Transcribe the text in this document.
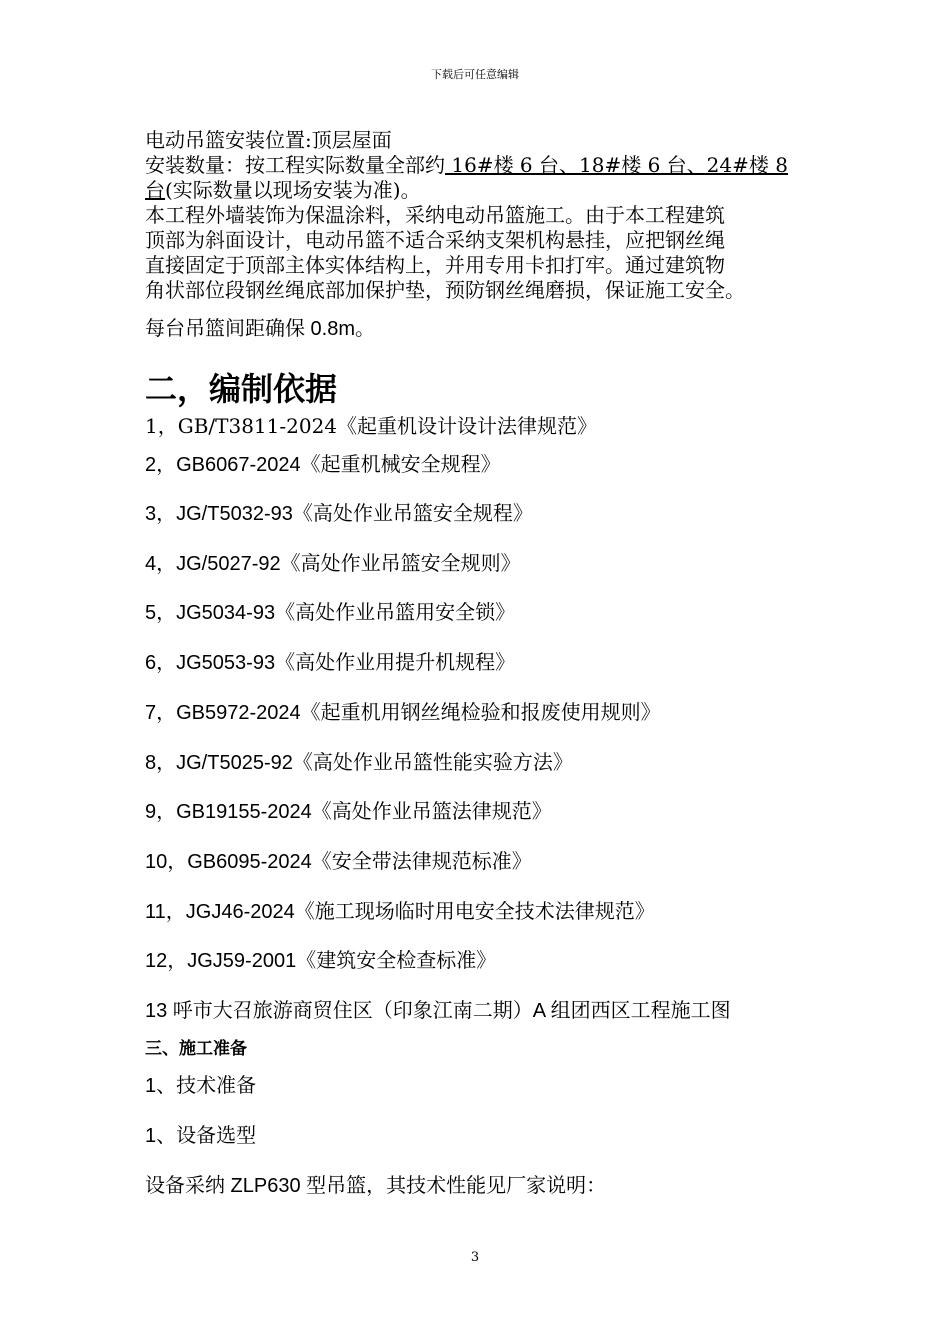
下载后可任意编辑
电动吊篮安装位置:顶层屋面
安装数量：按工程实际数量全部约 16#楼 6 台、18#楼 6 台、24#楼 8
台(实际数量以现场安装为准)。
本工程外墙装饰为保温涂料，采纳电动吊篮施工。由于本工程建筑
顶部为斜面设计，电动吊篮不适合采纳支架机构悬挂，应把钢丝绳
直接固定于顶部主体实体结构上，并用专用卡扣打牢。通过建筑物
角状部位段钢丝绳底部加保护垫，预防钢丝绳磨损，保证施工安全。
每台吊篮间距确保 0.8m。
二，编制依据
1，GB/T3811-2024《起重机设计设计法律规范》
2，GB6067-2024《起重机械安全规程》
3，JG/T5032-93《高处作业吊篮安全规程》
4，JG/5027-92《高处作业吊篮安全规则》
5，JG5034-93《高处作业吊篮用安全锁》
6，JG5053-93《高处作业用提升机规程》
7，GB5972-2024《起重机用钢丝绳检验和报废使用规则》
8，JG/T5025-92《高处作业吊篮性能实验方法》
9，GB19155-2024《高处作业吊篮法律规范》
10，GB6095-2024《安全带法律规范标准》
11，JGJ46-2024《施工现场临时用电安全技术法律规范》
12，JGJ59-2001《建筑安全检查标准》
13 呼市大召旅游商贸住区（印象江南二期）A 组团西区工程施工图
三、施工准备
1、技术准备
1、设备选型
设备采纳 ZLP630 型吊篮，其技术性能见厂家说明：
3
